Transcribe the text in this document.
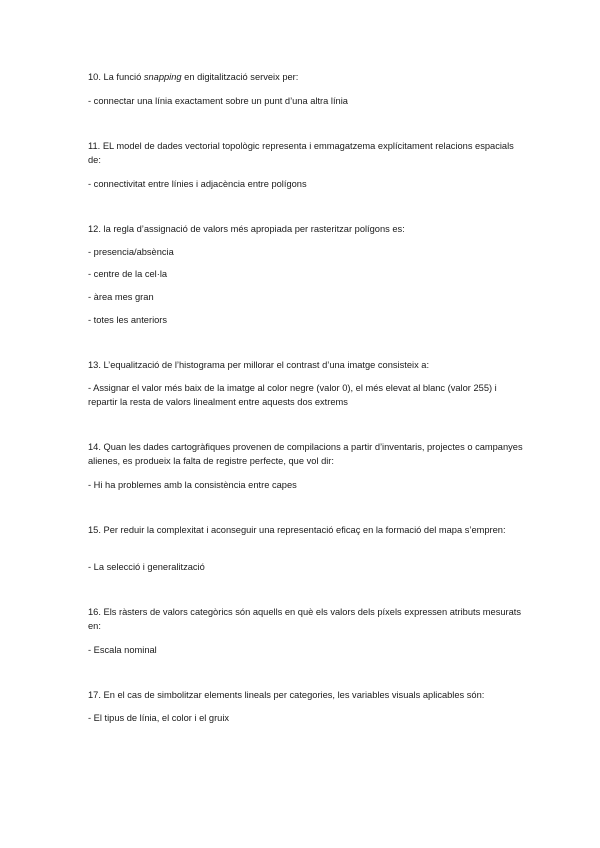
10. La funció snapping en digitalització serveix per:
- connectar una línia exactament sobre un punt d’una altra línia
11. EL model de dades vectorial topològic representa i emmagatzema explícitament relacions espacials de:
- connectivitat entre línies i adjacència entre polígons
12. la regla d’assignació de valors més apropiada per rasteritzar polígons es:
- presencia/absència
- centre de la cel·la
- àrea mes gran
- totes les anteriors
13. L’equalització de l’histograma per millorar el contrast d’una imatge consisteix a:
- Assignar el valor més baix de la imatge al color negre (valor 0), el més elevat al blanc (valor 255) i repartir la resta de valors linealment entre aquests dos extrems
14. Quan les dades cartogràfiques provenen de compilacions a partir d’inventaris, projectes o campanyes alienes, es produeix la falta de registre perfecte, que vol dir:
- Hi ha problemes amb la consistència entre capes
15. Per reduir la complexitat i aconseguir una representació eficaç en la formació del mapa s’empren:
- La selecció i generalització
16. Els ràsters de valors categòrics són aquells en què els valors dels píxels expressen atributs mesurats en:
- Escala nominal
17. En el cas de simbolitzar elements lineals per categories, les variables visuals aplicables són:
- El tipus de línia, el color i el gruix
